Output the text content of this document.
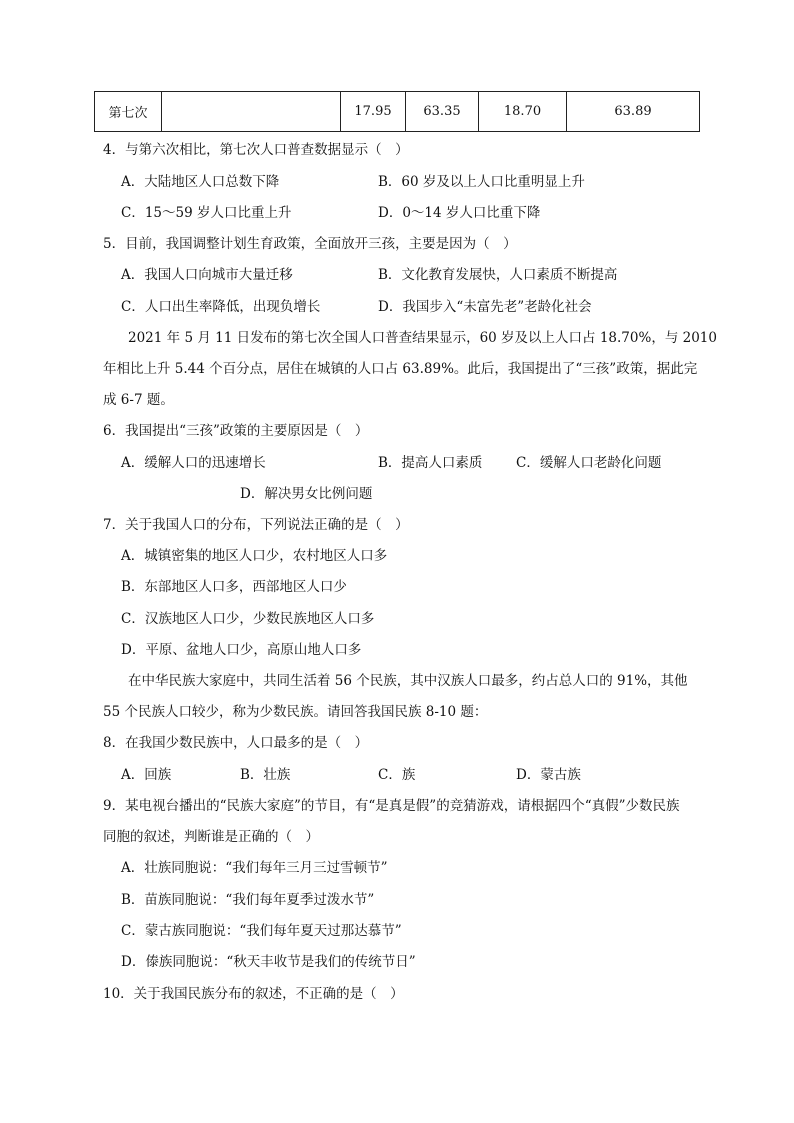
第七次		17.95	63.35	18.70	63.89
4．与第六次相比，第七次人口普查数据显示（　）
A．大陆地区人口总数下降	B．60 岁及以上人口比重明显上升
C．15～59 岁人口比重上升	D．0～14 岁人口比重下降
5．目前，我国调整计划生育政策，全面放开三孩，主要是因为（　）
A．我国人口向城市大量迁移	B．文化教育发展快，人口素质不断提高
C．人口出生率降低，出现负增长	D．我国步入“未富先老”老龄化社会
2021 年 5 月 11 日发布的第七次全国人口普查结果显示，60 岁及以上人口占 18.70%，与 2010
年相比上升 5.44 个百分点，居住在城镇的人口占 63.89%。此后，我国提出了“三孩”政策，据此完
成 6-7 题。
6．我国提出“三孩”政策的主要原因是（　）
A．缓解人口的迅速增长	B．提高人口素质 C．缓解人口老龄化问题
D．解决男女比例问题
7．关于我国人口的分布，下列说法正确的是（　）
A．城镇密集的地区人口少，农村地区人口多
B．东部地区人口多，西部地区人口少
C．汉族地区人口少，少数民族地区人口多
D．平原、盆地人口少，高原山地人口多
在中华民族大家庭中，共同生活着 56 个民族，其中汉族人口最多，约占总人口的 91%，其他
55 个民族人口较少，称为少数民族。请回答我国民族 8-10 题：
8．在我国少数民族中，人口最多的是（　）
A．回族	B．壮族	C．族	D．蒙古族
9．某电视台播出的“民族大家庭”的节目，有“是真是假”的竞猜游戏，请根据四个“真假”少数民族
同胞的叙述，判断谁是正确的（　）
A．壮族同胞说：“我们每年三月三过雪顿节”
B．苗族同胞说：“我们每年夏季过泼水节”
C．蒙古族同胞说：“我们每年夏天过那达慕节”
D．傣族同胞说：“秋天丰收节是我们的传统节日”
10．关于我国民族分布的叙述，不正确的是（　）
